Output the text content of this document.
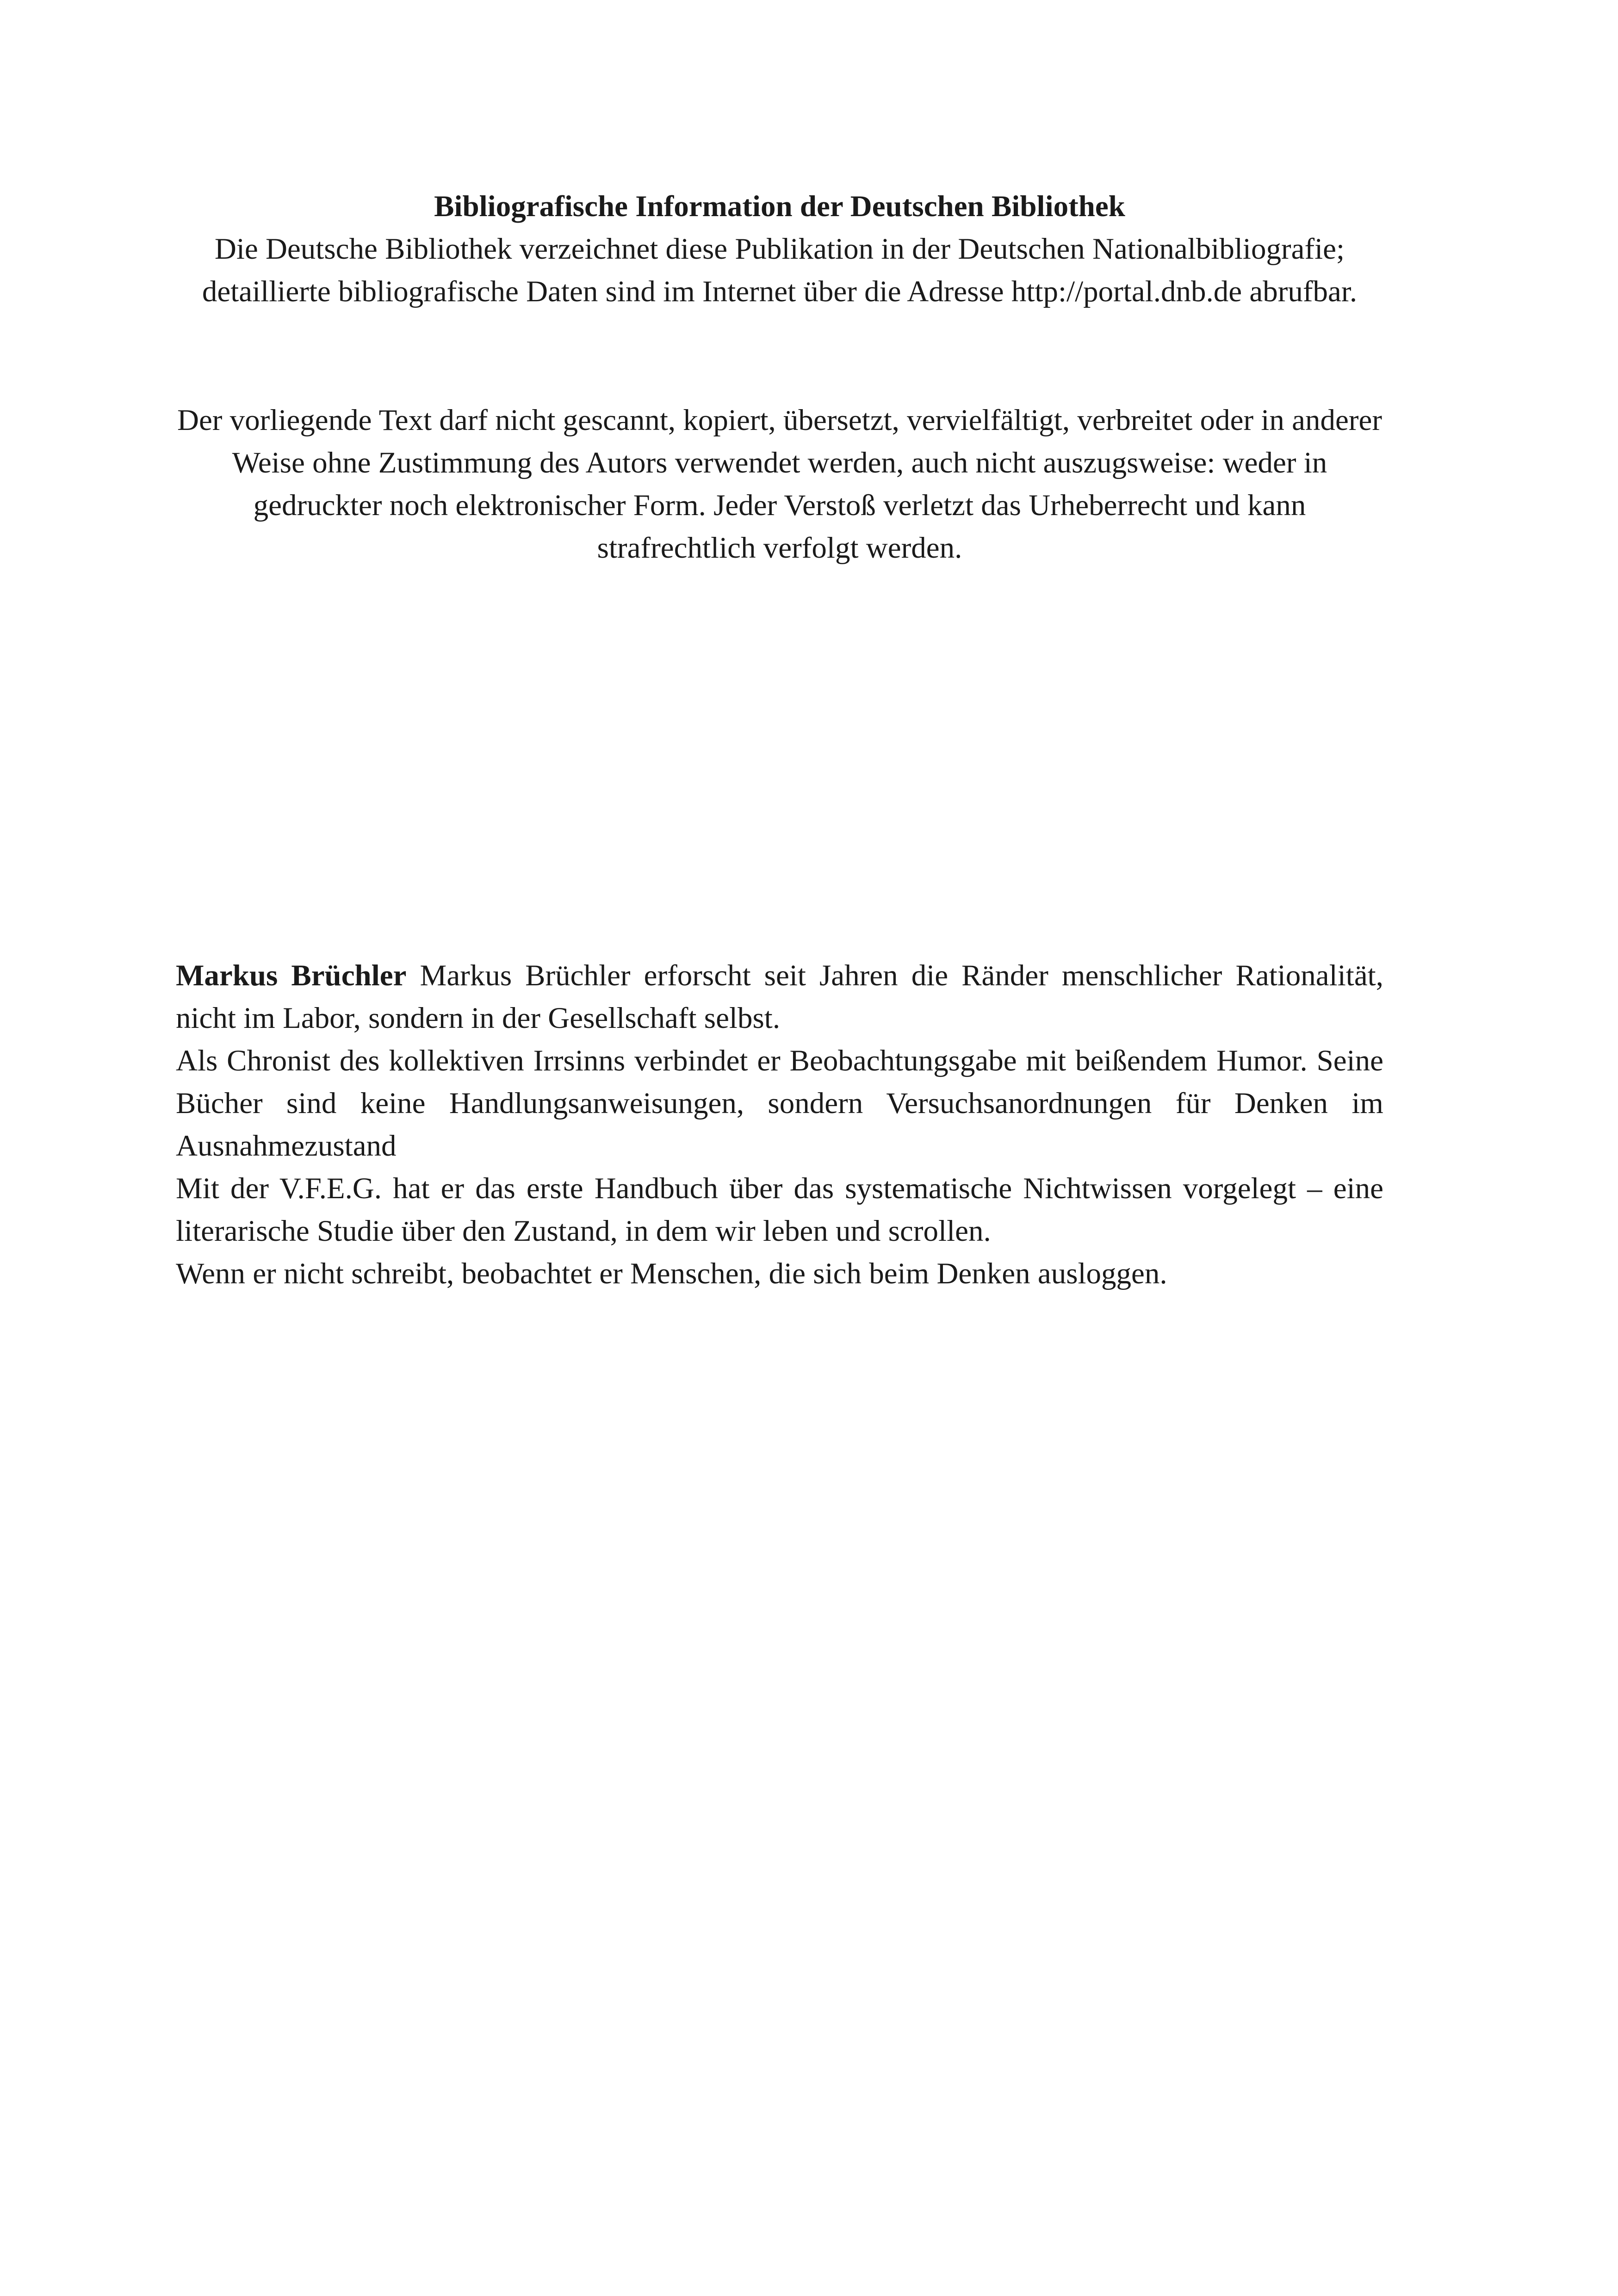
Bibliografische Information der Deutschen Bibliothek

Die Deutsche Bibliothek verzeichnet diese Publikation in der Deutschen Nationalbibliografie; detaillierte bibliografische Daten sind im Internet über die Adresse http://portal.dnb.de abrufbar.

Der vorliegende Text darf nicht gescannt, kopiert, übersetzt, vervielfältigt, verbreitet oder in anderer Weise ohne Zustimmung des Autors verwendet werden, auch nicht auszugsweise: weder in gedruckter noch elektronischer Form. Jeder Verstoß verletzt das Urheberrecht und kann strafrechtlich verfolgt werden.

Markus Brüchler Markus Brüchler erforscht seit Jahren die Ränder menschlicher Rationalität, nicht im Labor, sondern in der Gesellschaft selbst.

Als Chronist des kollektiven Irrsinns verbindet er Beobachtungsgabe mit beißendem Humor. Seine Bücher sind keine Handlungsanweisungen, sondern Versuchsanordnungen für Denken im Ausnahmezustand

Mit der V.F.E.G. hat er das erste Handbuch über das systematische Nichtwissen vorgelegt – eine literarische Studie über den Zustand, in dem wir leben und scrollen.

Wenn er nicht schreibt, beobachtet er Menschen, die sich beim Denken ausloggen.
